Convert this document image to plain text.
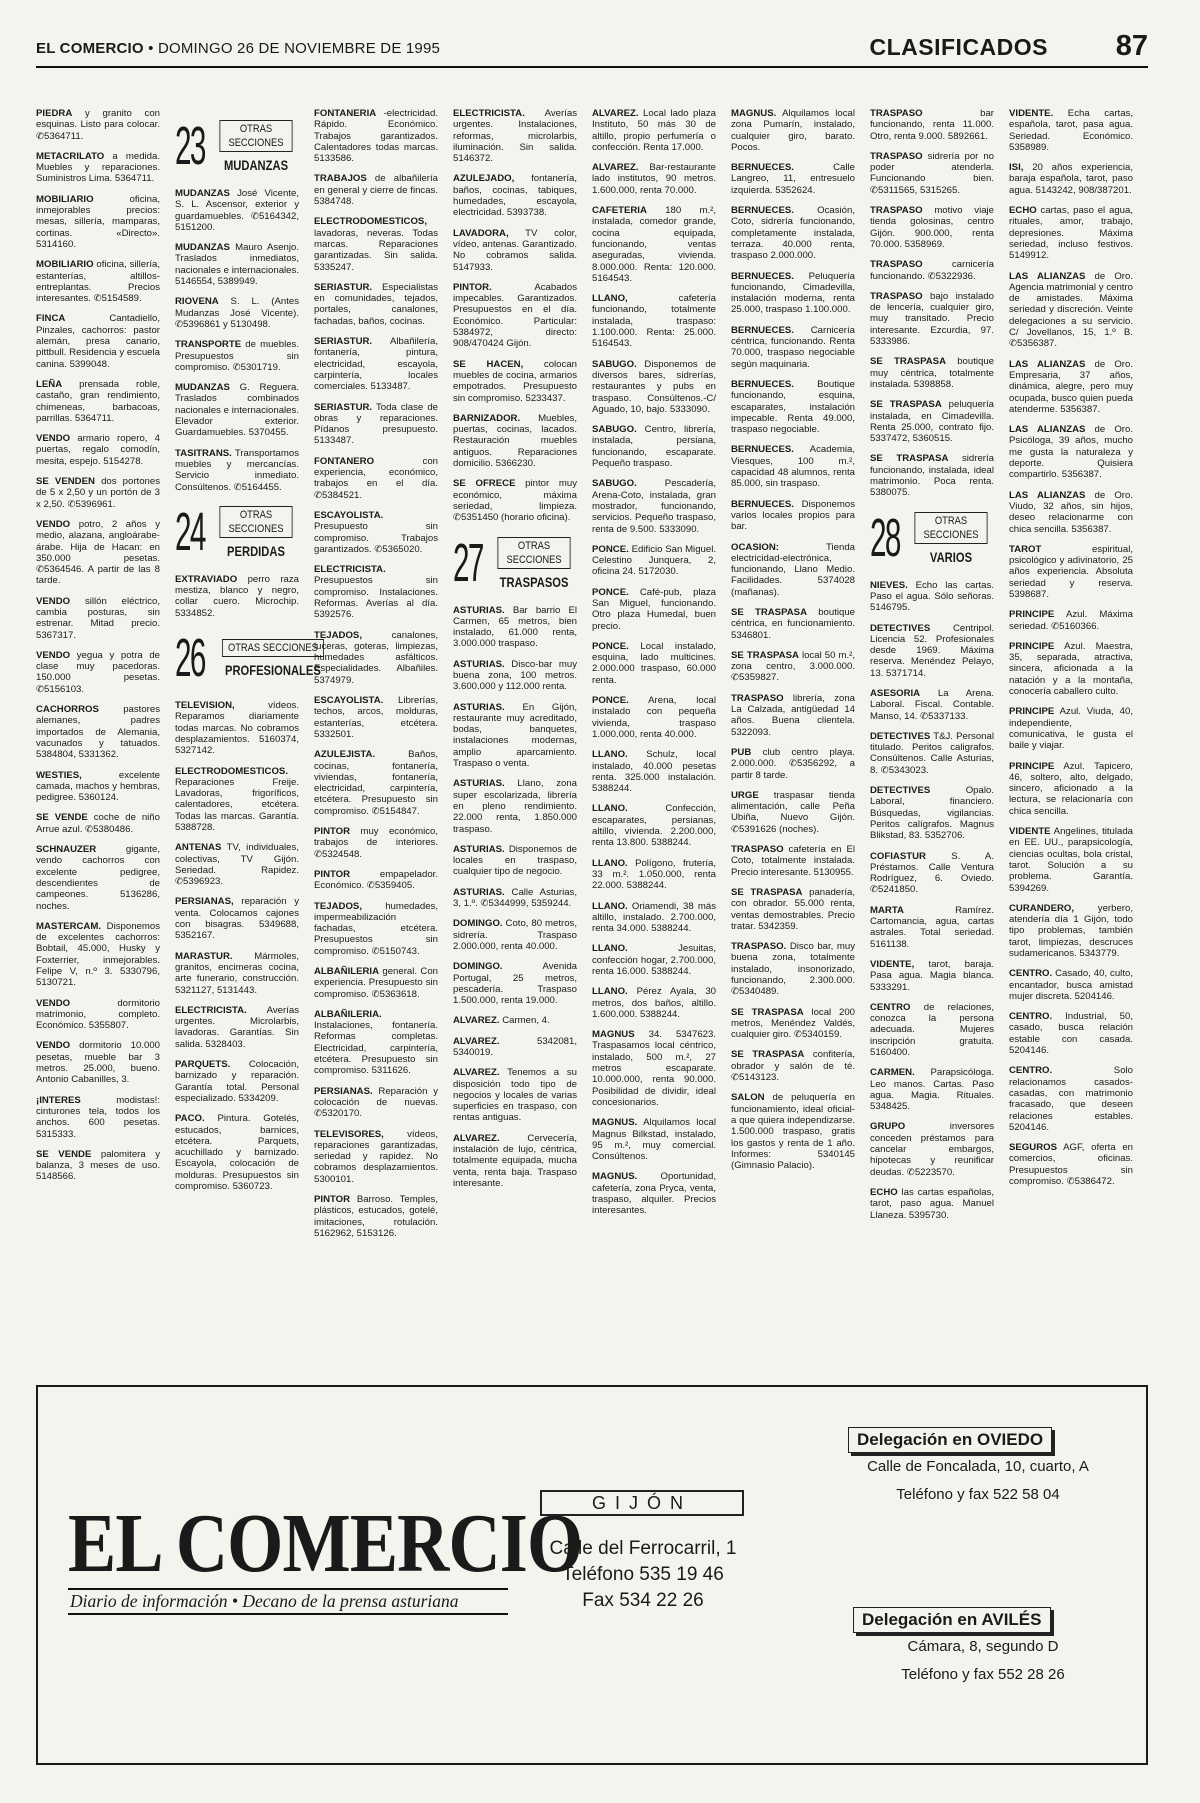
EL COMERCIO • DOMINGO 26 DE NOVIEMBRE DE 1995	CLASIFICADOS 87

PIEDRA y granito con esquinas. Listo para colocar. ✆5364711.

METACRILATO a medida. Muebles y reparaciones. Suministros Lima. 5364711.

MOBILIARIO	oficina, inmejorables precios: mesas, sillería, mamparas, cortinas. «Directo». 5314160.

MOBILIARIO oficina, sillería, estanterías, altillos-entreplantas. Precios interesantes. ✆5154589.

FINCA	Cantadiello, Pinzales, cachorros: pastor alemán, presa canario, pittbull. Residencia y escuela canina. 5399048.

LEÑA prensada roble, castaño, gran rendimiento, chimeneas, barbacoas, parrillas. 5364711.

VENDO armario ropero, 4 puertas, regalo comodín, mesita, espejo. 5154278.

SE VENDEN dos portones de 5 x 2,50 y un portón de 3 x 2,50. ✆5396961.

VENDO potro, 2 años y medio, alazana, angloárabe-árabe. Hija de Hacan: en 350.000 pesetas. ✆5364546. A partir de las 8 tarde.

VENDO sillón eléctrico, cambia posturas, sin estrenar. Mitad precio. 5367317.

VENDO yegua y potra de clase muy pacedoras. 150.000 pesetas. ✆5156103.

CACHORROS	pastores alemanes, padres importados de Alemania, vacunados y tatuados. 5384804, 5331362.

WESTIES,	excelente camada, machos y hembras, pedigree. 5360124.

SE VENDE coche de niño Arrue azul. ✆5380486.

SCHNAUZER	gigante, vendo cachorros con excelente pedigree, descendientes de campeones. 5136286, noches.

MASTERCAM. Disponemos de excelentes cachorros: Bobtail, 45.000, Husky y Foxterrier, inmejorables. Felipe V, n.º 3. 5330796, 5130721.

VENDO	dormitorio matrimonio, completo. Económico. 5355807.

VENDO dormitorio 10.000 pesetas, mueble bar 3 metros. 25.000, bueno. Antonio Cabanilles, 3.

¡INTERES	modistas!: cinturones tela, todos los anchos. 600 pesetas. 5315333.

SE VENDE palomitera y balanza, 3 meses de uso. 5148566.

23	OTRAS SECCIONES
MUDANZAS

MUDANZAS José Vicente, S. L. Ascensor, exterior y guardamuebles. ✆5164342, 5151200.

MUDANZAS Mauro Asenjo. Traslados inmediatos, nacionales e internacionales. 5146554, 5389949.

RIOVENA S. L. (Antes Mudanzas José Vicente). ✆5396861 y 5130498.

TRANSPORTE de muebles. Presupuestos sin compromiso. ✆5301719.

MUDANZAS G. Reguera. Traslados combinados nacionales e internacionales. Elevador exterior. Guardamuebles. 5370455.

TASITRANS. Transportamos muebles y mercancías. Servicio inmediato. Consúltenos. ✆5164455.

24	OTRAS SECCIONES
PERDIDAS

EXTRAVIADO perro raza mestiza, blanco y negro, collar cuero. Microchip. 5334852.

26	OTRAS SECCIONES
PROFESIONALES

TELEVISION,	vídeos. Reparamos diariamente todas marcas. No cobramos desplazamientos. 5160374, 5327142.

ELECTRODOMESTICOS. Reparaciones Freije. Lavadoras, frigoríficos, calentadores, etcétera. Todas las marcas. Garantía. 5388728.

ANTENAS TV, individuales, colectivas, TV Gijón. Seriedad. Rapidez. ✆5396923.

PERSIANAS, reparación y venta. Colocamos cajones con bisagras. 5349688, 5352167.

MARASTUR. Mármoles, granitos, encimeras cocina, arte funerario, construcción. 5321127, 5131443.

ELECTRICISTA. Averías urgentes. Microlarbis, lavadoras. Garantías. Sin salida. 5328403.

PARQUETS. Colocación, barnizado y reparación. Garantía total. Personal especializado. 5334209.

PACO. Pintura. Gotelés, estucados, barnices, etcétera. Parquets, acuchillado y barnizado. Escayola, colocación de molduras. Presupuestos sin compromiso. 5360723.

FONTANERIA -electricidad. Rápido. Económico. Trabajos garantizados. Calentadores todas marcas. 5133586.

TRABAJOS de albañilería en general y cierre de fincas. 5384748.

ELECTRODOMESTICOS, lavadoras, neveras. Todas marcas. Reparaciones garantizadas. Sin salida. 5335247.

SERIASTUR. Especialistas en comunidades, tejados, portales, canalones, fachadas, baños, cocinas.

SERIASTUR. Albañilería, fontanería, pintura, electricidad, escayola, carpintería, locales comerciales. 5133487.

SERIASTUR. Toda clase de obras y reparaciones. Pídanos presupuesto. 5133487.

FONTANERO	con experiencia, económico, trabajos en el día. ✆5384521.

ESCAYOLISTA. Presupuesto sin compromiso. Trabajos garantizados. ✆5365020.

ELECTRICISTA. Presupuestos sin compromiso. Instalaciones. Reformas. Averías al día. 5392576.

TEJADOS,	canalones, luceras, goteras, limpiezas, humedades asfálticos. Especialidades. Albañiles. 5374979.

ESCAYOLISTA. Librerías, techos, arcos, molduras, estanterías, etcétera. 5332501.

AZULEJISTA.	Baños, cocinas, fontanería, viviendas, fontanería, electricidad, carpintería, etcétera. Presupuesto sin compromiso. ✆5154847.

PINTOR muy económico, trabajos de interiores. ✆5324548.

PINTOR	empapelador. Económico. ✆5359405.

TEJADOS, humedades, impermeabilización fachadas, etcétera. Presupuestos sin compromiso. ✆5150743.

ALBAÑILERIA general. Con experiencia. Presupuesto sin compromiso. ✆5363618.

ALBAÑILERIA. Instalaciones, fontanería. Reformas completas. Electricidad, carpintería, etcétera. Presupuesto sin compromiso. 5311626.

PERSIANAS. Reparación y colocación de nuevas. ✆5320170.

TELEVISORES, vídeos, reparaciones garantizadas, seriedad y rapidez. No cobramos desplazamientos. 5300101.

PINTOR Barroso. Temples, plásticos, estucados, gotelé, imitaciones, rotulación. 5162962, 5153126.

ELECTRICISTA. Averías urgentes. Instalaciones, reformas, microlarbis, iluminación. Sin salida. 5146372.

AZULEJADO, fontanería, baños, cocinas, tabiques, humedades, escayola, electricidad. 5393738.

LAVADORA, TV color, vídeo, antenas. Garantizado. No cobramos salida. 5147933.

PINTOR.	Acabados impecables. Garantizados. Presupuestos en el día. Económico. Particular: 5384972, directo: 908/470424 Gijón.

SE HACEN, colocan muebles de cocina, armarios empotrados. Presupuesto sin compromiso. 5233437.

BARNIZADOR. Muebles, puertas, cocinas, lacados. Restauración muebles antiguos. Reparaciones domicilio. 5366230.

SE OFRECE pintor muy económico, máxima seriedad, limpieza. ✆5351450 (horario oficina).

27	OTRAS SECCIONES
TRASPASOS

ASTURIAS. Bar barrio El Carmen, 65 metros, bien instalado, 61.000 renta, 3.000.000 traspaso.

ASTURIAS. Disco-bar muy buena zona, 100 metros. 3.600.000 y 112.000 renta.

ASTURIAS. En Gijón, restaurante muy acreditado, bodas, banquetes, instalaciones modernas, amplio aparcamiento. Traspaso o venta.

ASTURIAS. Llano, zona super escolarizada, librería en pleno rendimiento. 22.000 renta, 1.850.000 traspaso.

ASTURIAS. Disponemos de locales en traspaso, cualquier tipo de negocio.

ASTURIAS. Calle Asturias, 3, 1.º. ✆5344999, 5359244.

DOMINGO. Coto, 80 metros, sidrería. Traspaso 2.000.000, renta 40.000.

DOMINGO.	Avenida Portugal, 25 metros, pescadería. Traspaso 1.500.000, renta 19.000.

ALVAREZ. Carmen, 4.

ALVAREZ.	5342081, 5340019.

ALVAREZ. Tenemos a su disposición todo tipo de negocios y locales de varias superficies en traspaso, con rentas antiguas.

ALVAREZ.	Cervecería, instalación de lujo, céntrica, totalmente equipada, mucha venta, renta baja. Traspaso interesante.

ALVAREZ. Local lado plaza Instituto, 50 más 30 de altillo, propio perfumería o confección. Renta 17.000.

ALVAREZ. Bar-restaurante lado institutos, 90 metros. 1.600.000, renta 70.000.

CAFETERIA 180 m.², instalada, comedor grande, cocina equipada, funcionando, ventas aseguradas, vivienda. 8.000.000. Renta: 120.000. 5164543.

LLANO,	cafetería funcionando, totalmente instalada, traspaso: 1.100.000. Renta: 25.000. 5164543.

SABUGO. Disponemos de diversos bares, sidrerías, restaurantes y pubs en traspaso. Consúltenos.-C/ Aguado, 10, bajo. 5333090.

SABUGO. Centro, librería, instalada, persiana, funcionando, escaparate. Pequeño traspaso.

SABUGO.	Pescadería, Arena-Coto, instalada, gran mostrador, funcionando, servicios. Pequeño traspaso, renta de 9.500. 5333090.

PONCE. Edificio San Miguel. Celestino Junquera, 2, oficina 24. 5172030.

PONCE. Café-pub, plaza San Miguel, funcionando. Otro plaza Humedal, buen precio.

PONCE. Local instalado, esquina, lado multicines. 2.000.000 traspaso, 60.000 renta.

PONCE. Arena, local instalado con pequeña vivienda, traspaso 1.000.000, renta 40.000.

LLANO. Schulz, local instalado, 40.000 pesetas renta. 325.000 instalación. 5388244.

LLANO.	Confección, escaparates, persianas, altillo, vivienda. 2.200.000, renta 13.800. 5388244.

LLANO. Polígono, frutería, 33 m.². 1.050.000, renta 22.000. 5388244.

LLANO. Oriamendi, 38 más altillo, instalado. 2.700.000, renta 34.000. 5388244.

LLANO.	Jesuitas, confección hogar, 2.700.000, renta 16.000. 5388244.

LLANO. Pérez Ayala, 30 metros, dos baños, altillo. 1.600.000. 5388244.

MAGNUS 34. 5347623. Traspasamos local céntrico, instalado, 500 m.², 27 metros escaparate. 10.000.000, renta 90.000. Posibilidad de dividir, ideal concesionarios.

MAGNUS. Alquilamos local Magnus Bilkstad, instalado, 95 m.², muy comercial. Consúltenos.

MAGNUS. Oportunidad, cafetería, zona Pryca, venta, traspaso, alquiler. Precios interesantes.

MAGNUS. Alquilamos local zona Pumarín, instalado, cualquier giro, barato. Pocos.

BERNUECES.	Calle Langreo, 11, entresuelo izquierda. 5352624.

BERNUECES. Ocasión, Coto, sidrería funcionando, completamente instalada, terraza. 40.000 renta, traspaso 2.000.000.

BERNUECES. Peluquería funcionando, Cimadevilla, instalación moderna, renta 25.000, traspaso 1.100.000.

BERNUECES. Carnicería céntrica, funcionando. Renta 70.000, traspaso negociable según maquinaria.

BERNUECES. Boutique funcionando, esquina, escaparates, instalación impecable. Renta 49.000, traspaso negociable.

BERNUECES. Academia, Viesques, 100 m.², capacidad 48 alumnos, renta 85.000, sin traspaso.

BERNUECES. Disponemos varios locales propios para bar.

OCASION:	Tienda electricidad-electrónica, funcionando, Llano Medio. Facilidades. 5374028 (mañanas).

SE TRASPASA boutique céntrica, en funcionamiento. 5346801.

SE TRASPASA local 50 m.², zona centro, 3.000.000. ✆5359827.

TRASPASO librería, zona La Calzada, antigüedad 14 años. Buena clientela. 5322093.

PUB club centro playa. 2.000.000. ✆5356292, a partir 8 tarde.

URGE traspasar tienda alimentación, calle Peña Ubiña, Nuevo Gijón. ✆5391626 (noches).

TRASPASO cafetería en El Coto, totalmente instalada. Precio interesante. 5130955.

SE TRASPASA panadería, con obrador. 55.000 renta, ventas demostrables. Precio tratar. 5342359.

TRASPASO. Disco bar, muy buena zona, totalmente instalado, insonorizado, funcionando, 2.300.000. ✆5340489.

SE TRASPASA local 200 metros, Menéndez Valdés, cualquier giro. ✆5340159.

SE TRASPASA confitería, obrador y salón de té. ✆5143123.

SALON de peluquería en funcionamiento, ideal oficial-a que quiera independizarse. 1.500.000 traspaso, gratis los gastos y renta de 1 año. Informes: 5340145 (Gimnasio Palacio).

TRASPASO	bar funcionando, renta 11.000. Otro, renta 9.000. 5892661.

TRASPASO sidrería por no poder atenderla. Funcionando bien. ✆5311565, 5315265.

TRASPASO motivo viaje tienda golosinas, centro Gijón. 900.000, renta 70.000. 5358969.

TRASPASO	carnicería funcionando. ✆5322936.

TRASPASO bajo instalado de lencería, cualquier giro, muy transitado. Precio interesante. Ezcurdia, 97. 5333986.

SE TRASPASA boutique muy céntrica, totalmente instalada. 5398858.

SE TRASPASA peluquería instalada, en Cimadevilla. Renta 25.000, contrato fijo. 5337472, 5360515.

SE TRASPASA sidrería funcionando, instalada, ideal matrimonio. Poca renta. 5380075.

28	OTRAS SECCIONES
VARIOS

NIEVES. Echo las cartas. Paso el agua. Sólo señoras. 5146795.

DETECTIVES Centripol. Licencia 52. Profesionales desde 1969. Máxima reserva. Menéndez Pelayo, 13. 5371714.

ASESORIA La Arena. Laboral. Fiscal. Contable. Manso, 14. ✆5337133.

DETECTIVES T&J. Personal titulado. Peritos caligrafos. Consúltenos. Calle Asturias, 8. ✆5343023.

DETECTIVES	Opalo. Laboral, financiero. Búsquedas, vigilancias. Peritos calígrafos. Magnus Blikstad, 83. 5352706.

COFIASTUR	S. A. Préstamos. Calle Ventura Rodríguez, 6. Oviedo. ✆5241850.

MARTA	Ramírez. Cartomancia, agua, cartas astrales. Total seriedad. 5161138.

VIDENTE, tarot, baraja. Pasa agua. Magia blanca. 5333291.

CENTRO de relaciones, conozca la persona adecuada. Mujeres inscripción gratuita. 5160400.

CARMEN. Parapsicóloga. Leo manos. Cartas. Paso agua. Magia. Rituales. 5348425.

GRUPO	inversores conceden préstamos para cancelar embargos, hipotecas y reunificar deudas. ✆5223570.

ECHO las cartas españolas, tarot, paso agua. Manuel Llaneza. 5395730.

VIDENTE. Echa cartas, española, tarot, pasa agua. Seriedad. Económico. 5358989.

ISI, 20 años experiencia, baraja española, tarot, paso agua. 5143242, 908/387201.

ECHO cartas, paso el agua, rituales, amor, trabajo, depresiones. Máxima seriedad, incluso festivos. 5149912.

LAS ALIANZAS de Oro. Agencia matrimonial y centro de amistades. Máxima seriedad y discreción. Veinte delegaciones a su servicio. C/ Jovellanos, 15, 1.º B. ✆5356387.

LAS ALIANZAS de Oro. Empresaria, 37 años, dinámica, alegre, pero muy ocupada, busco quien pueda atenderme. 5356387.

LAS ALIANZAS de Oro. Psicóloga, 39 años, mucho me gusta la naturaleza y deporte. Quisiera compartirlo. 5356387.

LAS ALIANZAS de Oro. Viudo, 32 años, sin hijos, deseo relacionarme con chica sencilla. 5356387.

TAROT	espiritual, psicológico y adivinatorio, 25 años experiencia. Absoluta seriedad y reserva. 5398687.

PRINCIPE Azul. Máxima seriedad. ✆5160366.

PRINCIPE Azul. Maestra, 35, separada, atractiva, sincera, aficionada a la natación y a la montaña, conocería caballero culto.

PRINCIPE Azul. Viuda, 40, independiente, comunicativa, le gusta el baile y viajar.

PRINCIPE Azul. Tapicero, 46, soltero, alto, delgado, sincero, aficionado a la lectura, se relacionaría con chica sencilla.

VIDENTE Angelines, titulada en EE. UU., parapsicología, ciencias ocultas, bola cristal, tarot. Solución a su problema. Garantía. 5394269.

CURANDERO, yerbero, atendería día 1 Gijón, todo tipo problemas, también tarot, limpiezas, descruces sudamericanos. 5343779.

CENTRO. Casado, 40, culto, encantador, busca amistad mujer discreta. 5204146.

CENTRO. Industrial, 50, casado, busca relación estable con casada. 5204146.

CENTRO.	Solo relacionamos casados-casadas, con matrimonio fracasado, que deseen relaciones estables. 5204146.

SEGUROS AGF, oferta en comercios, oficinas. Presupuestos sin compromiso. ✆5386472.

EL COMERCIO
Diario de información • Decano de la prensa asturiana
GIJÓN
Calle del Ferrocarril, 1
Teléfono 535 19 46
Fax 534 22 26
Delegación en OVIEDO
Calle de Foncalada, 10, cuarto, A
Teléfono y fax 522 58 04
Delegación en AVILÉS
Cámara, 8, segundo D
Teléfono y fax 552 28 26
